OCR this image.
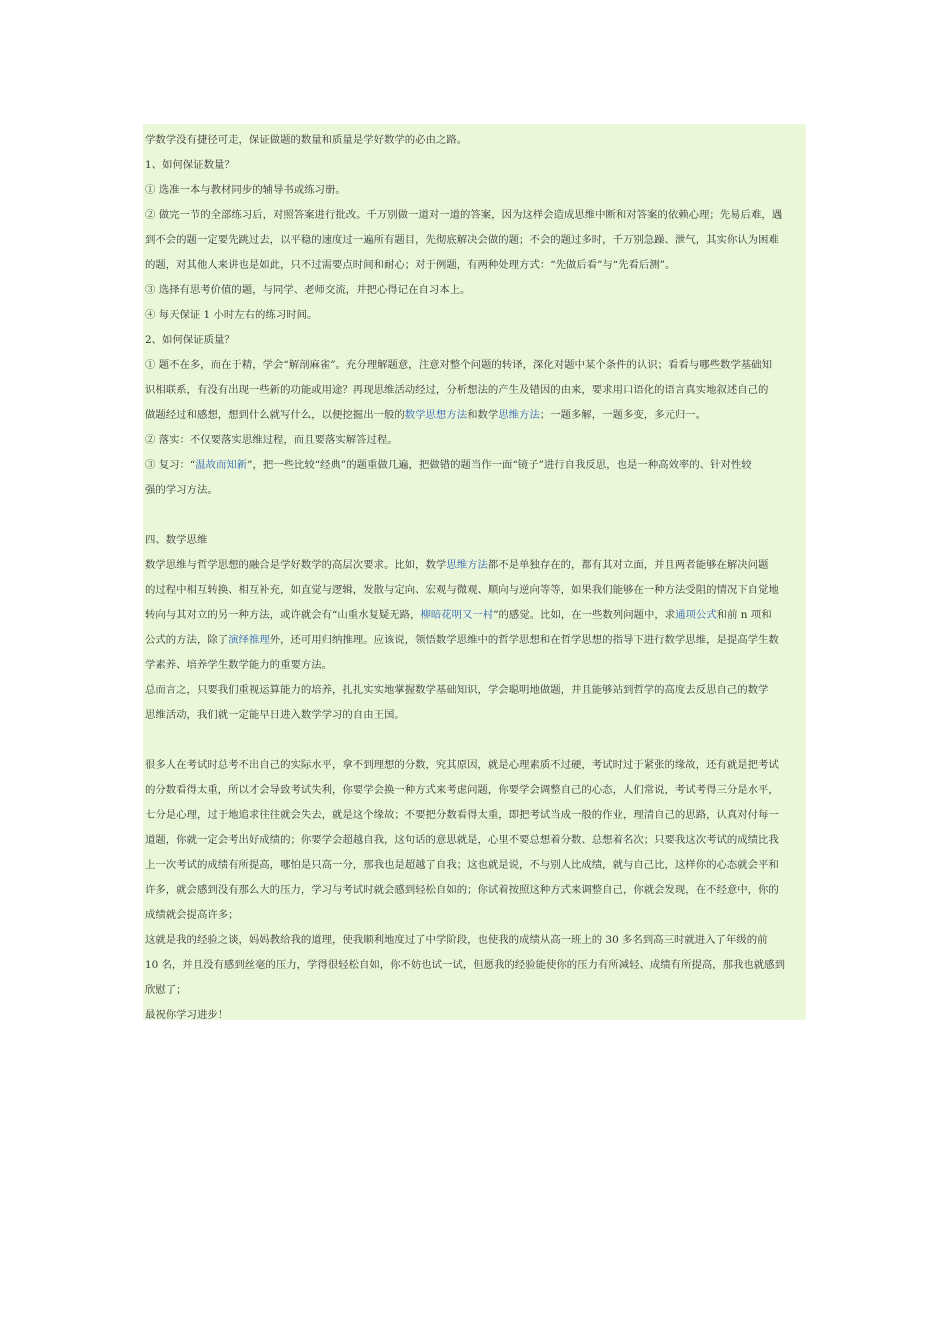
学数学没有捷径可走，保证做题的数量和质量是学好数学的必由之路。
1、如何保证数量？
① 选准一本与教材同步的辅导书或练习册。
② 做完一节的全部练习后，对照答案进行批改。千万别做一道对一道的答案，因为这样会造成思维中断和对答案的依赖心理；先易后难，遇
到不会的题一定要先跳过去，以平稳的速度过一遍所有题目，先彻底解决会做的题；不会的题过多时，千万别急躁、泄气，其实你认为困难
的题，对其他人来讲也是如此，只不过需要点时间和耐心；对于例题，有两种处理方式：“先做后看”与“先看后测”。
③ 选择有思考价值的题，与同学、老师交流，并把心得记在自习本上。
④ 每天保证 1 小时左右的练习时间。
2、如何保证质量？
① 题不在多，而在于精，学会“解剖麻雀”。充分理解题意，注意对整个问题的转译，深化对题中某个条件的认识；看看与哪些数学基础知
识相联系，有没有出现一些新的功能或用途？再现思维活动经过，分析想法的产生及错因的由来，要求用口语化的语言真实地叙述自己的
做题经过和感想，想到什么就写什么，以便挖掘出一般的数学思想方法和数学思维方法；一题多解，一题多变，多元归一。
② 落实：不仅要落实思维过程，而且要落实解答过程。
③ 复习：“温故而知新”，把一些比较“经典”的题重做几遍，把做错的题当作一面“镜子”进行自我反思，也是一种高效率的、针对性较
强的学习方法。
四、数学思维
数学思维与哲学思想的融合是学好数学的高层次要求。比如，数学思维方法都不是单独存在的，都有其对立面，并且两者能够在解决问题
的过程中相互转换、相互补充，如直觉与逻辑，发散与定向、宏观与微观、顺向与逆向等等，如果我们能够在一种方法受阻的情况下自觉地
转向与其对立的另一种方法，或许就会有“山重水复疑无路，柳暗花明又一村”的感觉。比如，在一些数列问题中，求通项公式和前 n 项和
公式的方法，除了演绎推理外，还可用归纳推理。应该说，领悟数学思维中的哲学思想和在哲学思想的指导下进行数学思维，是提高学生数
学素养、培养学生数学能力的重要方法。
总而言之，只要我们重视运算能力的培养，扎扎实实地掌握数学基础知识，学会聪明地做题，并且能够站到哲学的高度去反思自己的数学
思维活动，我们就一定能早日进入数学学习的自由王国。
很多人在考试时总考不出自己的实际水平，拿不到理想的分数，究其原因，就是心理素质不过硬，考试时过于紧张的缘故，还有就是把考试
的分数看得太重，所以才会导致考试失利，你要学会换一种方式来考虑问题，你要学会调整自己的心态，人们常说，考试考得三分是水平，
七分是心理，过于地追求往往就会失去，就是这个缘故；不要把分数看得太重，即把考试当成一般的作业，理清自己的思路，认真对付每一
道题，你就一定会考出好成绩的；你要学会超越自我，这句话的意思就是，心里不要总想着分数、总想着名次；只要我这次考试的成绩比我
上一次考试的成绩有所提高，哪怕是只高一分，那我也是超越了自我；这也就是说，不与别人比成绩，就与自己比，这样你的心态就会平和
许多，就会感到没有那么大的压力，学习与考试时就会感到轻松自如的；你试着按照这种方式来调整自己，你就会发现，在不经意中，你的
成绩就会提高许多；
这就是我的经验之谈，妈妈教给我的道理，使我顺利地度过了中学阶段，也使我的成绩从高一班上的 30 多名到高三时就进入了年级的前
10 名，并且没有感到丝毫的压力，学得很轻松自如，你不妨也试一试，但愿我的经验能使你的压力有所减轻、成绩有所提高，那我也就感到
欣慰了；
最祝你学习进步！
